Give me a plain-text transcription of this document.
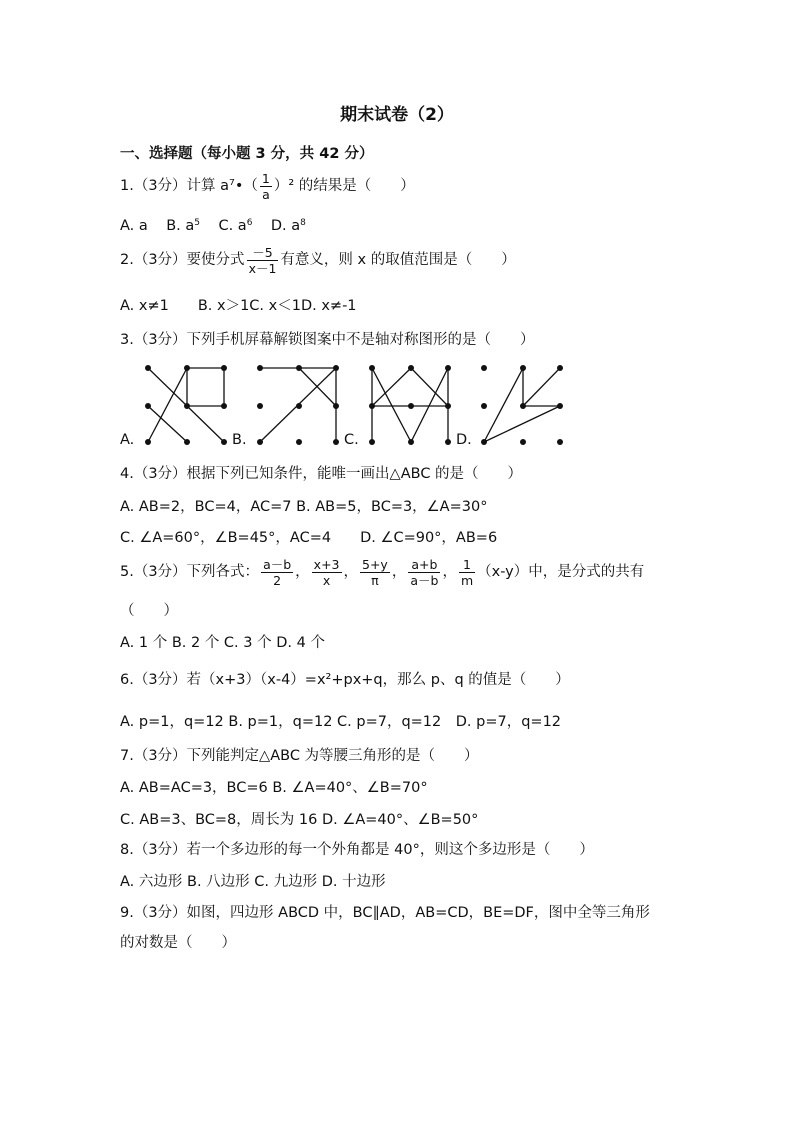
期末试卷（2）
一、选择题（每小题 3 分，共 42 分）
1.（3分）计算 a⁷•（ $\frac{1}{a} )^2$ 的结果是（　　）
A. a B. $a^5$ C. $a^6$ D. $a^8$
2.（3分）要使分式 $\frac{-5}{x-1}$ 有意义，则 x 的取值范围是（　　）
A. x≠1　　B. x＞1C. x＜1D. x≠-1
3.（3分）下列手机屏幕解锁图案中不是轴对称图形的是（　　）
A.	B.	C.	D.
4.（3分）根据下列已知条件，能唯一画出△ABC 的是（　　）
A. AB=2，BC=4，AC=7 B. AB=5，BC=3，∠A=30°
C. ∠A=60°，∠B=45°，AC=4　　D. ∠C=90°，AB=6
5.（3分）下列各式： $\frac{a-b}{2}$ ， $\frac{x+3}{x}$ ， $\frac{5+y}{\pi}$ ， $\frac{a+b}{a-b}$ ， $\frac{1}{m} (x-y)$中，是分式的共有
（　　）
A. 1 个 B. 2 个 C. 3 个 D. 4 个
6.（3分）若（x+3）（x-4）=x²+px+q，那么 p、q 的值是（　　）
A. p=1，q=12 B. p=1，q=12 C. p=7，q=12　D. p=7，q=12
7.（3分）下列能判定△ABC 为等腰三角形的是（　　）
A. AB=AC=3，BC=6 B. ∠A=40°、∠B=70°
C. AB=3、BC=8，周长为 16 D. ∠A=40°、∠B=50°
8.（3分）若一个多边形的每一个外角都是 40°，则这个多边形是（　　）
A. 六边形 B. 八边形 C. 九边形 D. 十边形
9.（3分）如图，四边形 ABCD 中，BC∥AD，AB=CD，BE=DF，图中全等三角形
的对数是（　　）
